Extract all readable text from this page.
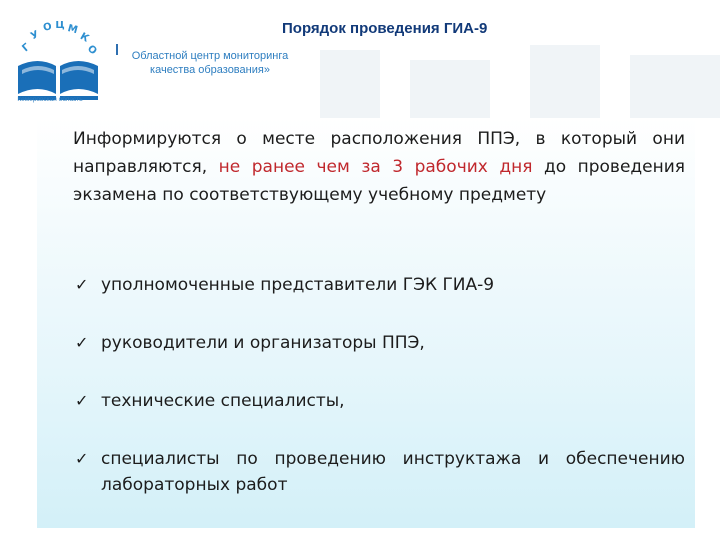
Г
У
О Ц М
К
О
Кемеровская область
Областной центр мониторинга
качества образования»
Порядок проведения ГИА-9
Информируются о месте расположения ППЭ, в который они направляются, не ранее чем за 3 рабочих дня до проведения экзамена по соответствующему учебному предмету
✓ уполномоченные представители ГЭК ГИА-9
✓ руководители и организаторы ППЭ,
✓ технические специалисты,
✓ специалисты по проведению инструктажа и обеспечению лабораторных работ
